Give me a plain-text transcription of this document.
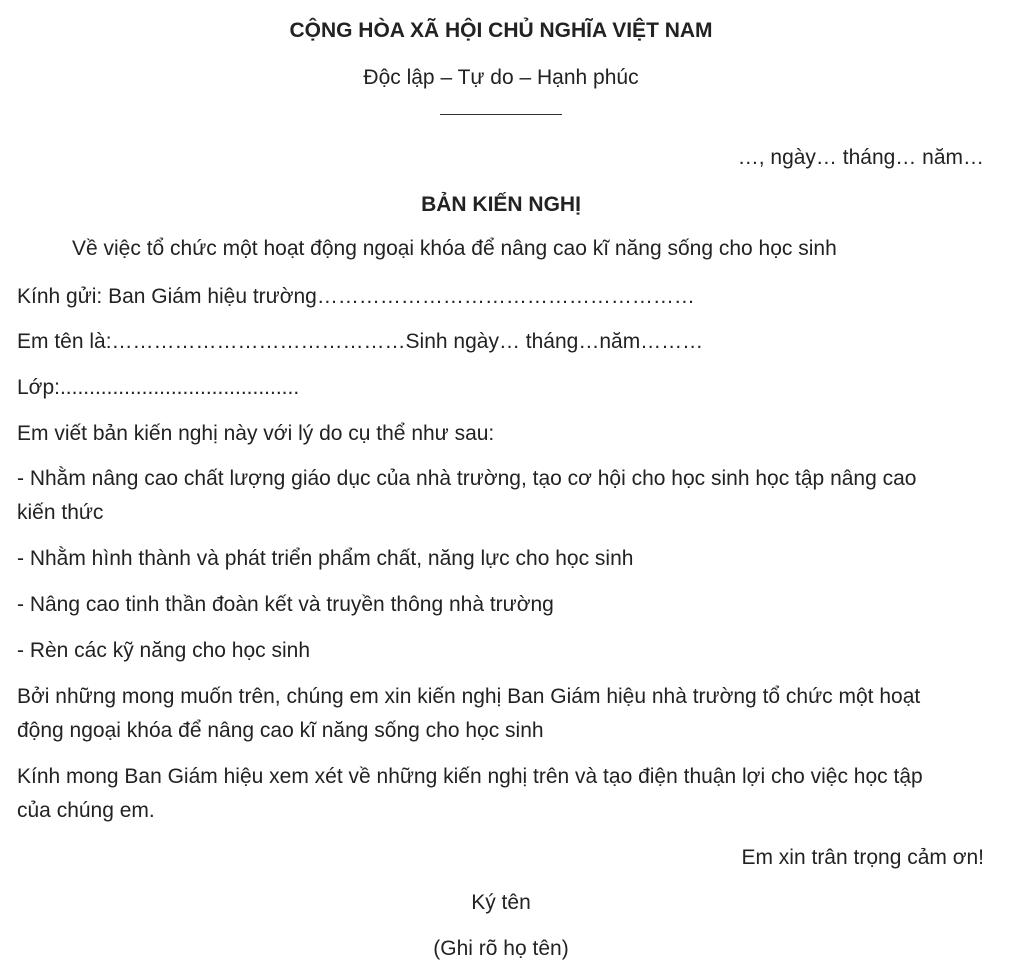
CỘNG HÒA XÃ HỘI CHỦ NGHĨA VIỆT NAM

Độc lập – Tự do – Hạnh phúc

…, ngày… tháng… năm…

BẢN KIẾN NGHỊ

Về việc tổ chức một hoạt động ngoại khóa để nâng cao kĩ năng sống cho học sinh

Kính gửi: Ban Giám hiệu trường………………………………………………

Em tên là:……………………………………Sinh ngày… tháng…năm………

Lớp:.........................................

Em viết bản kiến nghị này với lý do cụ thể như sau:

- Nhằm nâng cao chất lượng giáo dục của nhà trường, tạo cơ hội cho học sinh học tập nâng cao

kiến thức

- Nhằm hình thành và phát triển phẩm chất, năng lực cho học sinh

- Nâng cao tinh thần đoàn kết và truyền thông nhà trường

- Rèn các kỹ năng cho học sinh

Bởi những mong muốn trên, chúng em xin kiến nghị Ban Giám hiệu nhà trường tổ chức một hoạt

động ngoại khóa để nâng cao kĩ năng sống cho học sinh

Kính mong Ban Giám hiệu xem xét về những kiến nghị trên và tạo điện thuận lợi cho việc học tập

của chúng em.

Em xin trân trọng cảm ơn!

Ký tên

(Ghi rõ họ tên)
